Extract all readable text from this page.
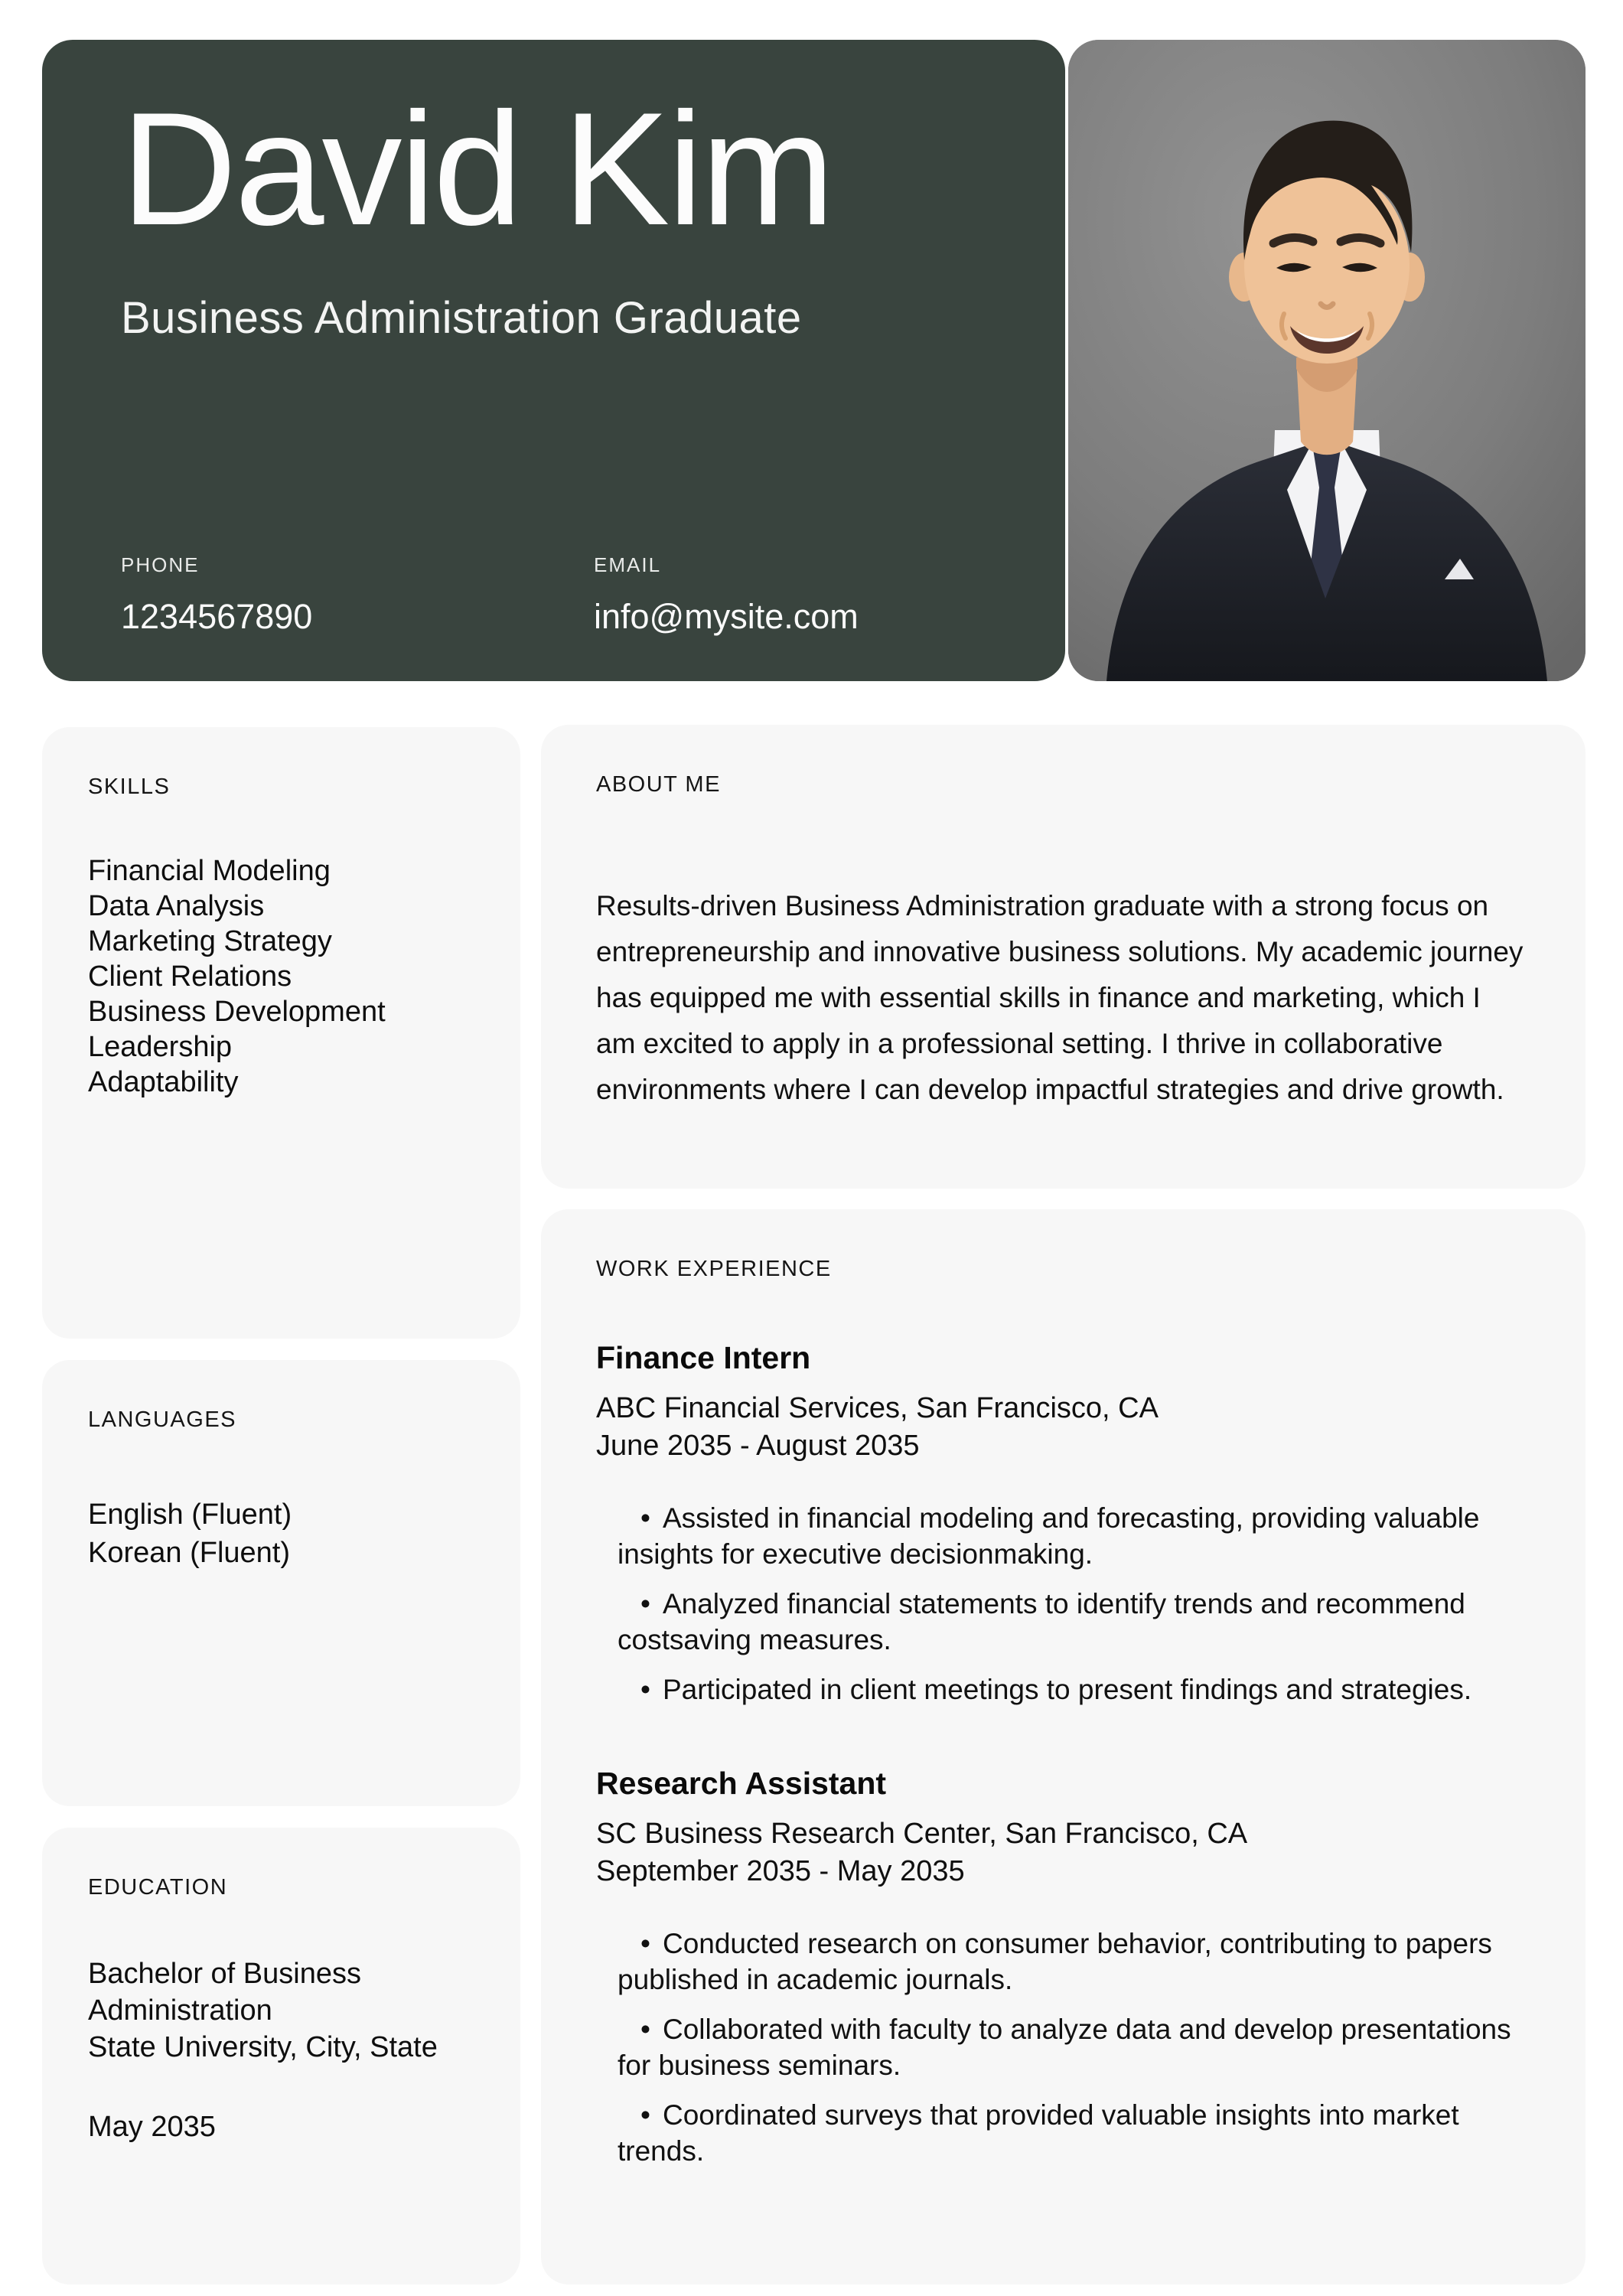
David Kim
Business Administration Graduate
PHONE
1234567890
EMAIL
info@mysite.com
SKILLS
Financial Modeling
Data Analysis
Marketing Strategy
Client Relations
Business Development
Leadership
Adaptability
LANGUAGES
English (Fluent)
Korean (Fluent)
EDUCATION
Bachelor of Business Administration
State University, City, State
May 2035
ABOUT ME

Results-driven Business Administration graduate with a strong focus on entrepreneurship and innovative business solutions. My academic journey has equipped me with essential skills in finance and marketing, which I am excited to apply in a professional setting. I thrive in collaborative environments where I can develop impactful strategies and drive growth.

WORK EXPERIENCE
Finance Intern
ABC Financial Services, San Francisco, CA
June 2035 - August 2035

• Assisted in financial modeling and forecasting, providing valuable insights for executive decisionmaking.

• Analyzed financial statements to identify trends and recommend costsaving measures.

• Participated in client meetings to present findings and strategies.

Research Assistant
SC Business Research Center, San Francisco, CA
September 2035 - May 2035

• Conducted research on consumer behavior, contributing to papers published in academic journals.

• Collaborated with faculty to analyze data and develop presentations for business seminars.

• Coordinated surveys that provided valuable insights into market trends.
